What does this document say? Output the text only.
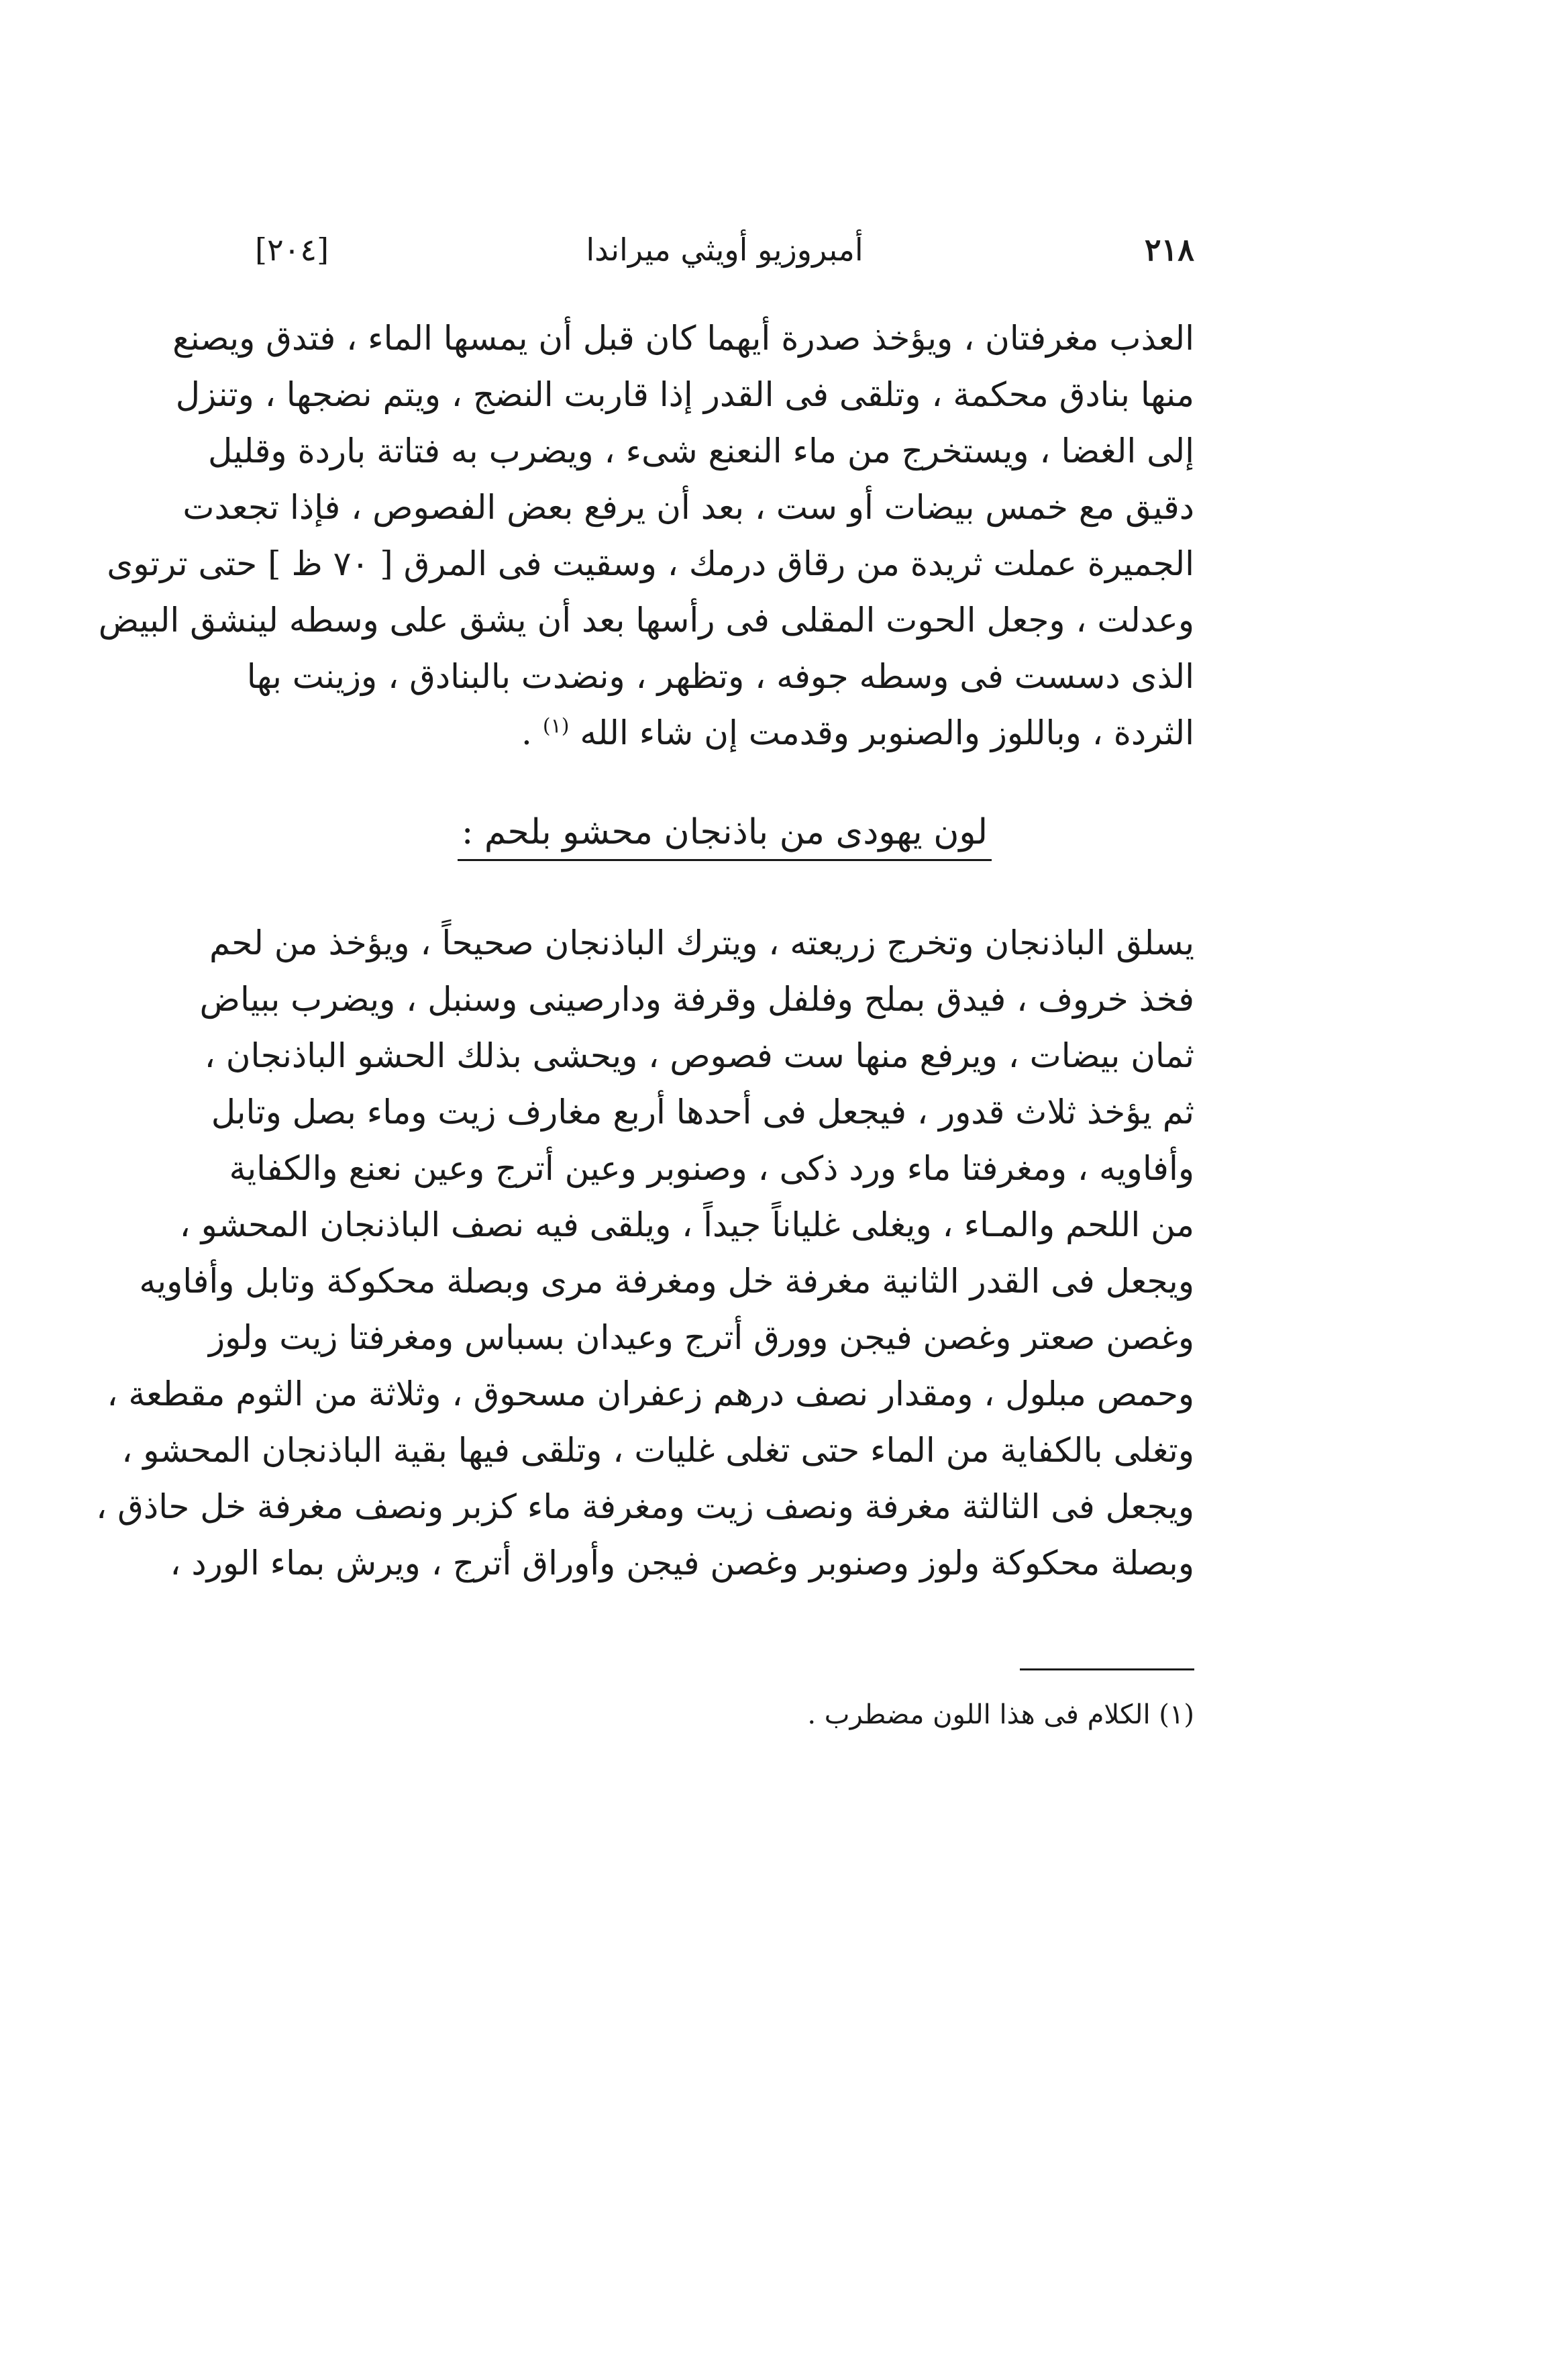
٢١٨
أمبروزيو أويثي ميراندا
[٢٠٤]
العذب مغرفتان ، ويؤخذ صدرة أيهما كان قبل أن يمسها الماء ، فتدق ويصنع
منها بنادق محكمة ، وتلقى فى القدر إذا قاربت النضج ، ويتم نضجها ، وتنزل
إلى الغضا ، ويستخرج من ماء النعنع شىء ، ويضرب به فتاتة باردة وقليل
دقيق مع خمس بيضات أو ست ، بعد أن يرفع بعض الفصوص ، فإذا تجعدت
الجميرة عملت ثريدة من رقاق درمك ، وسقيت فى المرق [ ٧٠ ظ ] حتى ترتوى
وعدلت ، وجعل الحوت المقلى فى رأسها بعد أن يشق على وسطه لينشق البيض
الذى دسست فى وسطه جوفه ، وتظهر ، ونضدت بالبنادق ، وزينت بها
الثردة ، وباللوز والصنوبر وقدمت إن شاء الله $^{(١)}$ .
لون يهودى من باذنجان محشو بلحم :
يسلق الباذنجان وتخرج زريعته ، ويترك الباذنجان صحيحاً ، ويؤخذ من لحم
فخذ خروف ، فيدق بملح وفلفل وقرفة ودارصينى وسنبل ، ويضرب ببياض
ثمان بيضات ، ويرفع منها ست فصوص ، ويحشى بذلك الحشو الباذنجان ،
ثم يؤخذ ثلاث قدور ، فيجعل فى أحدها أربع مغارف زيت وماء بصل وتابل
وأفاويه ، ومغرفتا ماء ورد ذكى ، وصنوبر وعين أترج وعين نعنع والكفاية
من اللحم والمـاء ، ويغلى غلياناً جيداً ، ويلقى فيه نصف الباذنجان المحشو ،
ويجعل فى القدر الثانية مغرفة خل ومغرفة مرى وبصلة محكوكة وتابل وأفاويه
وغصن صعتر وغصن فيجن وورق أترج وعيدان بسباس ومغرفتا زيت ولوز
وحمص مبلول ، ومقدار نصف درهم زعفران مسحوق ، وثلاثة من الثوم مقطعة ،
وتغلى بالكفاية من الماء حتى تغلى غليات ، وتلقى فيها بقية الباذنجان المحشو ،
ويجعل فى الثالثة مغرفة ونصف زيت ومغرفة ماء كزبر ونصف مغرفة خل حاذق ،
وبصلة محكوكة ولوز وصنوبر وغصن فيجن وأوراق أترج ، ويرش بماء الورد ،
(١) الكلام فى هذا اللون مضطرب .
